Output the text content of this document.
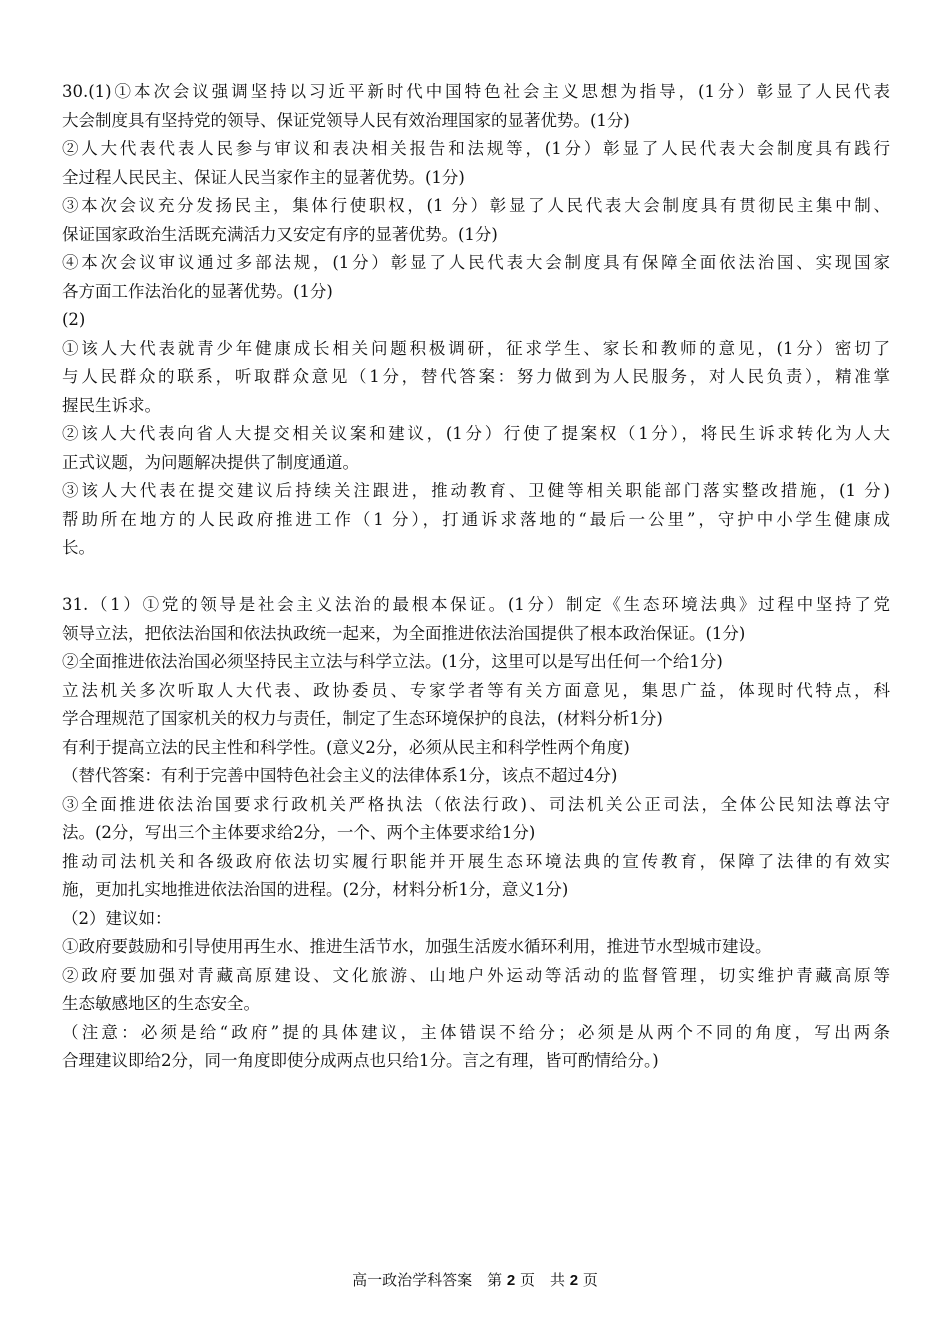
30.(1)①本次会议强调坚持以习近平新时代中国特色社会主义思想为指导，(1分）彰显了人民代表
大会制度具有坚持党的领导、保证党领导人民有效治理国家的显著优势。(1分)
②人大代表代表人民参与审议和表决相关报告和法规等，(1分）彰显了人民代表大会制度具有践行
全过程人民民主、保证人民当家作主的显著优势。(1分)
③本次会议充分发扬民主，集体行使职权，(1 分）彰显了人民代表大会制度具有贯彻民主集中制、
保证国家政治生活既充满活力又安定有序的显著优势。(1分)
④本次会议审议通过多部法规，(1分）彰显了人民代表大会制度具有保障全面依法治国、实现国家
各方面工作法治化的显著优势。(1分)
(2)
①该人大代表就青少年健康成长相关问题积极调研，征求学生、家长和教师的意见，(1分）密切了
与人民群众的联系，听取群众意见（1分，替代答案：努力做到为人民服务，对人民负责），精准掌
握民生诉求。
②该人大代表向省人大提交相关议案和建议，(1分）行使了提案权（1分），将民生诉求转化为人大
正式议题，为问题解决提供了制度通道。
③该人大代表在提交建议后持续关注跟进，推动教育、卫健等相关职能部门落实整改措施，(1 分)
帮助所在地方的人民政府推进工作（1 分），打通诉求落地的“最后一公里”，守护中小学生健康成
长。
31.（1）①党的领导是社会主义法治的最根本保证。(1分）制定《生态环境法典》过程中坚持了党
领导立法，把依法治国和依法执政统一起来，为全面推进依法治国提供了根本政治保证。(1分)
②全面推进依法治国必须坚持民主立法与科学立法。(1分，这里可以是写出任何一个给1分)
立法机关多次听取人大代表、政协委员、专家学者等有关方面意见，集思广益，体现时代特点，科
学合理规范了国家机关的权力与责任，制定了生态环境保护的良法，(材料分析1分)
有利于提高立法的民主性和科学性。(意义2分，必须从民主和科学性两个角度)
（替代答案：有利于完善中国特色社会主义的法律体系1分，该点不超过4分)
③全面推进依法治国要求行政机关严格执法（依法行政)、司法机关公正司法，全体公民知法尊法守
法。(2分，写出三个主体要求给2分，一个、两个主体要求给1分)
推动司法机关和各级政府依法切实履行职能并开展生态环境法典的宣传教育，保障了法律的有效实
施，更加扎实地推进依法治国的进程。(2分，材料分析1分，意义1分)
（2）建议如：
①政府要鼓励和引导使用再生水、推进生活节水，加强生活废水循环利用，推进节水型城市建设。
②政府要加强对青藏高原建设、文化旅游、山地户外运动等活动的监督管理，切实维护青藏高原等
生态敏感地区的生态安全。
（注意：必须是给“政府”提的具体建议，主体错误不给分；必须是从两个不同的角度，写出两条
合理建议即给2分，同一角度即使分成两点也只给1分。言之有理，皆可酌情给分。)
高一政治学科答案　第 2 页　共 2 页
